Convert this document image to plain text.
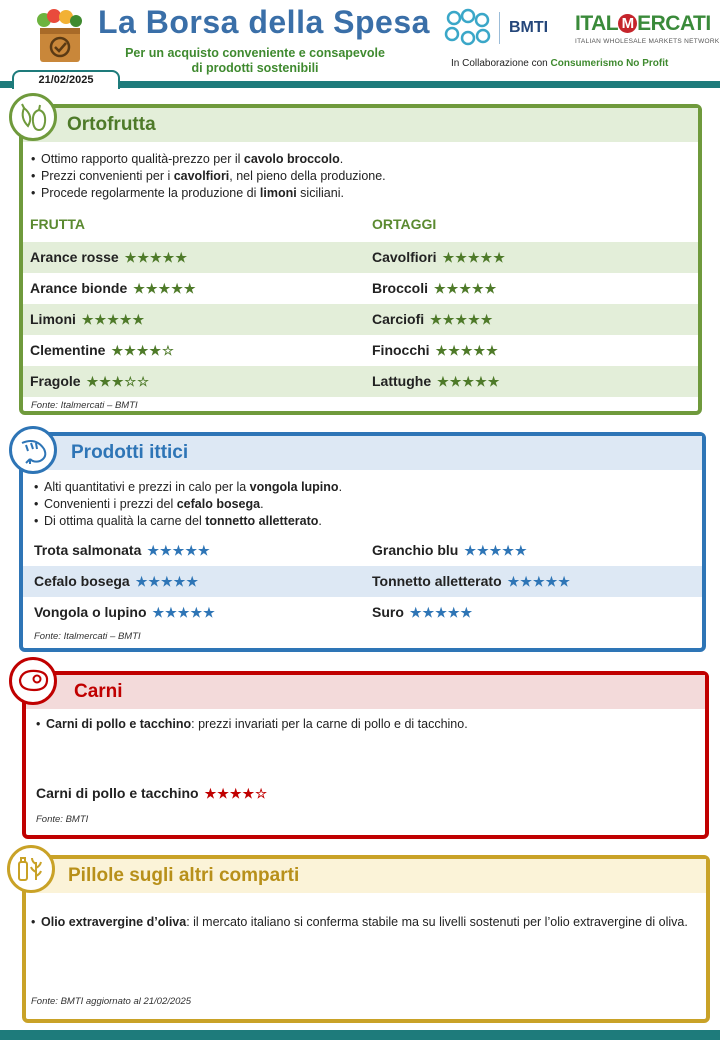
La Borsa della Spesa
Per un acquisto conveniente e consapevole
di prodotti sostenibili
BMTI ITAL M ERCATI
ITALIAN WHOLESALE MARKETS NETWORK
In Collaborazione con Consumerismo No Profit
21/02/2025
Ortofrutta
• Ottimo rapporto qualità-prezzo per il cavolo broccolo.
• Prezzi convenienti per i cavolfiori, nel pieno della produzione.
• Procede regolarmente la produzione di limoni siciliani.
FRUTTA	ORTAGGI
Arance rosse ★★★★★	Cavolfiori ★★★★★
Arance bionde ★★★★★	Broccoli ★★★★★
Limoni ★★★★★	Carciofi ★★★★★
Clementine ★★★★☆	Finocchi ★★★★★
Fragole ★★★☆☆	Lattughe ★★★★★
Fonte: Italmercati – BMTI
Prodotti ittici
• Alti quantitativi e prezzi in calo per la vongola lupino.
• Convenienti i prezzi del cefalo bosega.
• Di ottima qualità la carne del tonnetto alletterato.
Trota salmonata ★★★★★	Granchio blu ★★★★★
Cefalo bosega ★★★★★	Tonnetto alletterato ★★★★★
Vongola o lupino ★★★★★	Suro ★★★★★
Fonte: Italmercati – BMTI
Carni
• Carni di pollo e tacchino: prezzi invariati per la carne di pollo e di tacchino.
Carni di pollo e tacchino ★★★★☆
Fonte: BMTI
Pillole sugli altri comparti
• Olio extravergine d’oliva: il mercato italiano si conferma stabile ma su livelli sostenuti per l’olio extravergine di oliva.
Fonte: BMTI aggiornato al 21/02/2025
